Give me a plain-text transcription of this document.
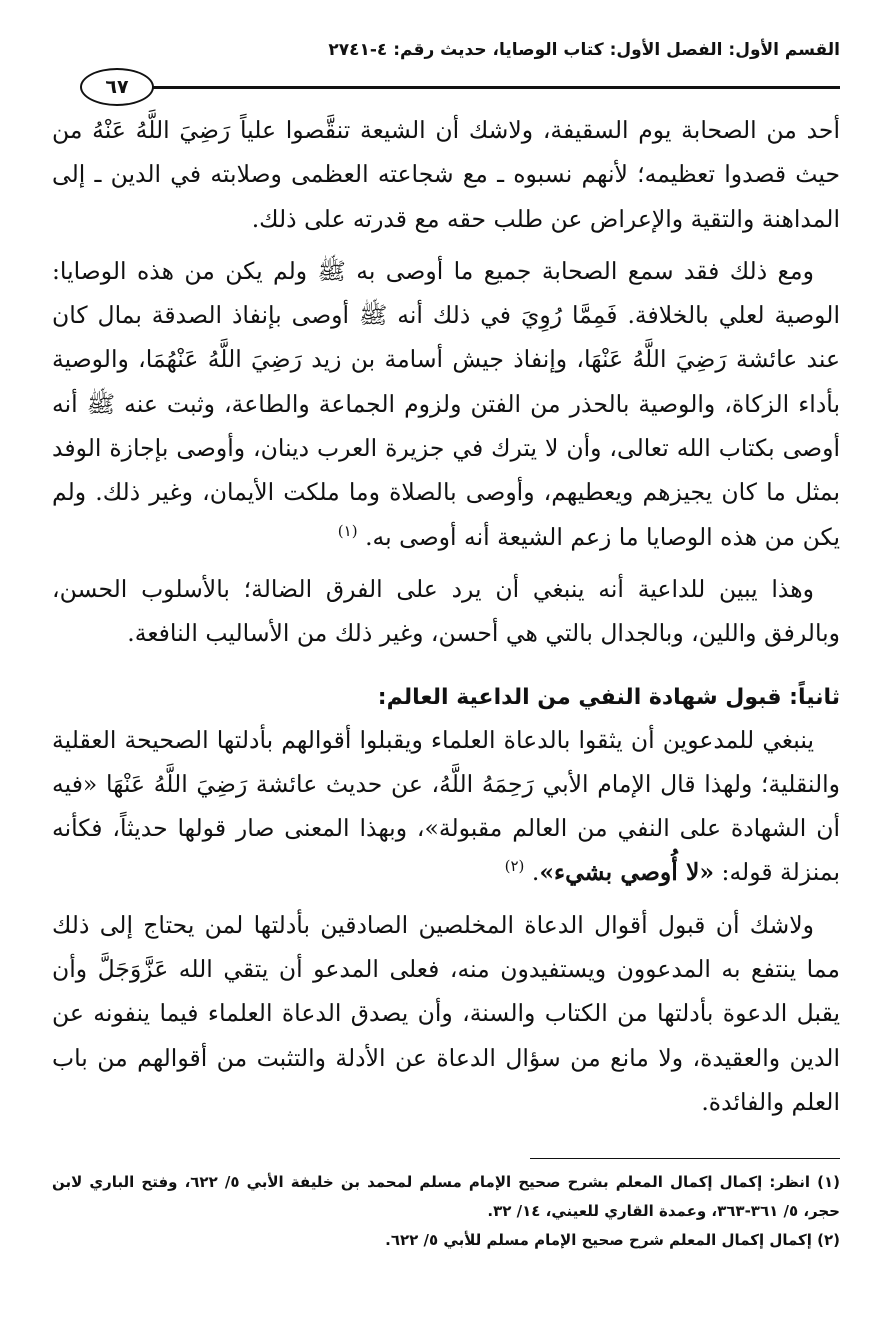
القسم الأول: الفصل الأول: كتاب الوصايا، حديث رقم: ٤-٢٧٤١
٦٧

أحد من الصحابة يوم السقيفة، ولاشك أن الشيعة تنقَّصوا علياً رَضِيَ اللَّهُ عَنْهُ من حيث قصدوا تعظيمه؛ لأنهم نسبوه ـ مع شجاعته العظمى وصلابته في الدين ـ إلى المداهنة والتقية والإعراض عن طلب حقه مع قدرته على ذلك.

ومع ذلك فقد سمع الصحابة جميع ما أوصى به ﷺ ولم يكن من هذه الوصايا: الوصية لعلي بالخلافة. فَمِمَّا رُوِيَ في ذلك أنه ﷺ أوصى بإنفاذ الصدقة بمال كان عند عائشة رَضِيَ اللَّهُ عَنْهَا، وإنفاذ جيش أسامة بن زيد رَضِيَ اللَّهُ عَنْهُمَا، والوصية بأداء الزكاة، والوصية بالحذر من الفتن ولزوم الجماعة والطاعة، وثبت عنه ﷺ أنه أوصى بكتاب الله تعالى، وأن لا يترك في جزيرة العرب دينان، وأوصى بإجازة الوفد بمثل ما كان يجيزهم ويعطيهم، وأوصى بالصلاة وما ملكت الأيمان، وغير ذلك. ولم يكن من هذه الوصايا ما زعم الشيعة أنه أوصى به. $^{(١)}$

وهذا يبين للداعية أنه ينبغي أن يرد على الفرق الضالة؛ بالأسلوب الحسن، وبالرفق واللين، وبالجدال بالتي هي أحسن، وغير ذلك من الأساليب النافعة.

ثانياً: قبول شهادة النفي من الداعية العالم:

ينبغي للمدعوين أن يثقوا بالدعاة العلماء ويقبلوا أقوالهم بأدلتها الصحيحة العقلية والنقلية؛ ولهذا قال الإمام الأبي رَحِمَهُ اللَّهُ، عن حديث عائشة رَضِيَ اللَّهُ عَنْهَا «فيه أن الشهادة على النفي من العالم مقبولة»، وبهذا المعنى صار قولها حديثاً، فكأنه بمنزلة قوله: «لا أُوصي بشيء». $^{(٢)}$

ولاشك أن قبول أقوال الدعاة المخلصين الصادقين بأدلتها لمن يحتاج إلى ذلك مما ينتفع به المدعوون ويستفيدون منه، فعلى المدعو أن يتقي الله عَزَّوَجَلَّ وأن يقبل الدعوة بأدلتها من الكتاب والسنة، وأن يصدق الدعاة العلماء فيما ينفونه عن الدين والعقيدة، ولا مانع من سؤال الدعاة عن الأدلة والتثبت من أقوالهم من باب العلم والفائدة.

(١) انظر: إكمال إكمال المعلم بشرح صحيح الإمام مسلم لمحمد بن خليفة الأبي ٥/ ٦٢٢، وفتح الباري لابن حجر، ٥/ ٣٦١-٣٦٣، وعمدة القاري للعيني، ١٤/ ٣٢.
(٢) إكمال إكمال المعلم شرح صحيح الإمام مسلم للأبي ٥/ ٦٢٢.
